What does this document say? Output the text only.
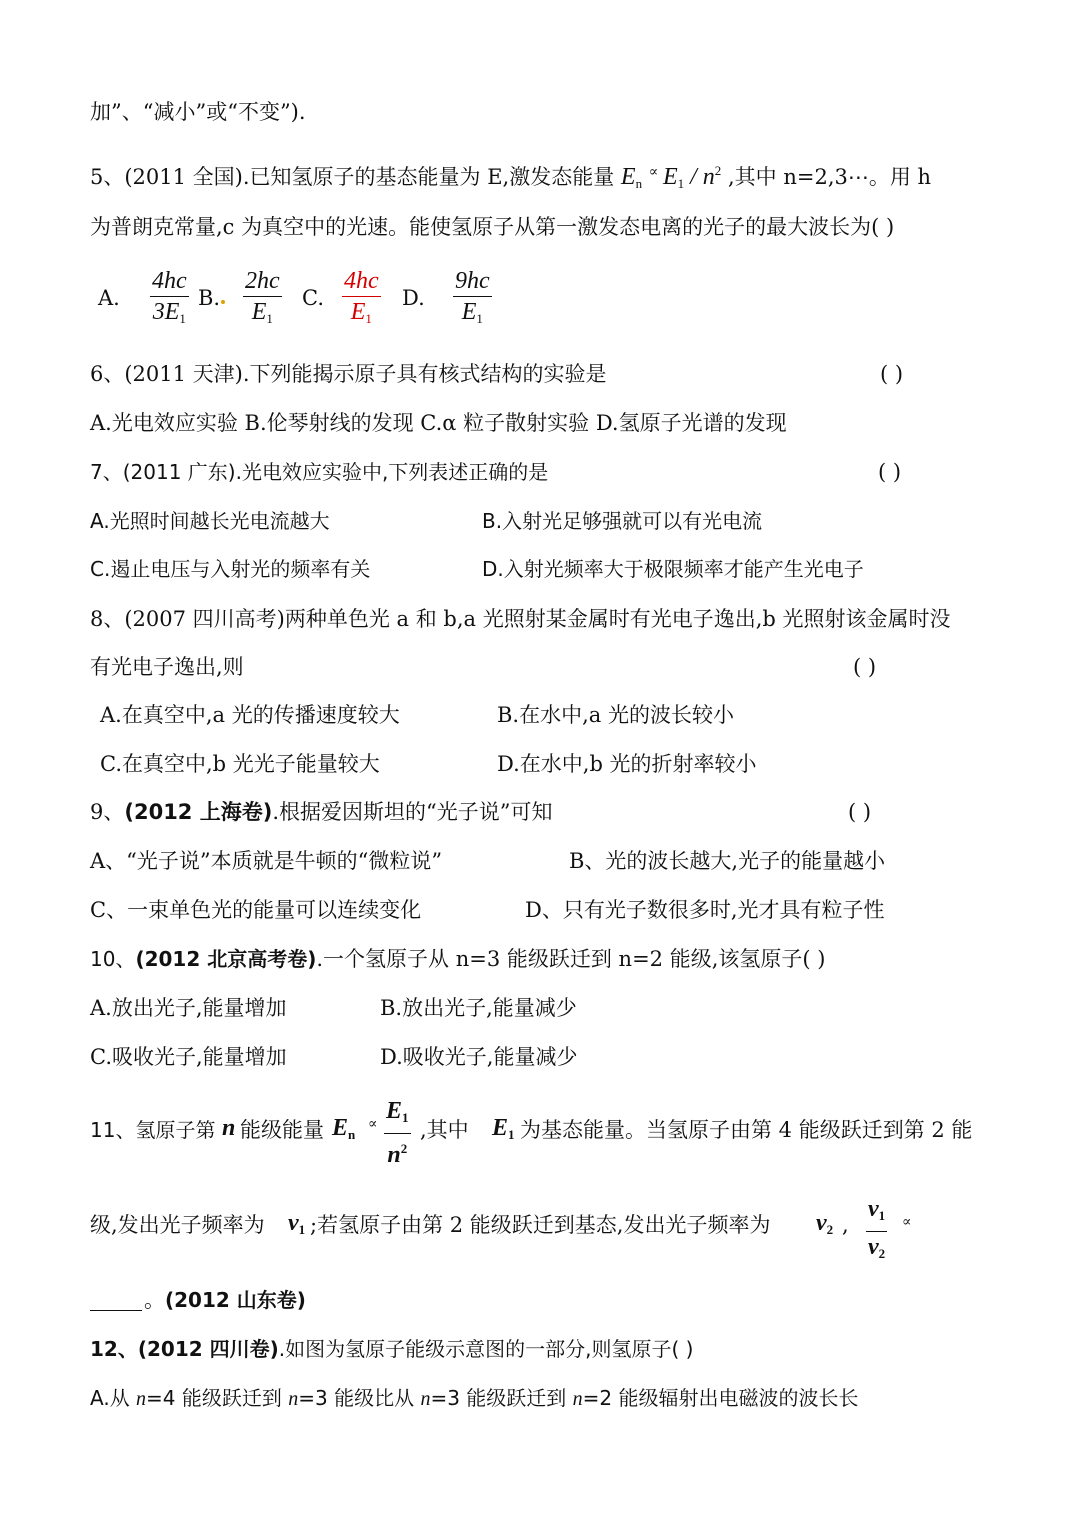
加”、“减小”或“不变”).
5、(2011 全国).已知氢原子的基态能量为 E,激发态能量 $E_n$ ∝ $E_1 / n^2$ ,其中 n=2,3⋯。用 h
为普朗克常量,c 为真空中的光速。能使氢原子从第一激发态电离的光子的最大波长为( )
A.
4hc
$3E_1$
B.
2hc
$E_1$
C.
4hc
$E_1$
D.
9hc
$E_1$
6、(2011 天津).下列能揭示原子具有核式结构的实验是	( )
A.光电效应实验 B.伦琴射线的发现 C.α 粒子散射实验 D.氢原子光谱的发现
7、(2011 广东).光电效应实验中,下列表述正确的是	( )
A.光照时间越长光电流越大	B.入射光足够强就可以有光电流
C.遏止电压与入射光的频率有关	D.入射光频率大于极限频率才能产生光电子
8、(2007 四川高考)两种单色光 a 和 b,a 光照射某金属时有光电子逸出,b 光照射该金属时没
有光电子逸出,则	( )
A.在真空中,a 光的传播速度较大	B.在水中,a 光的波长较小
C.在真空中,b 光光子能量较大	D.在水中,b 光的折射率较小
9、(2012 上海卷).根据爱因斯坦的“光子说”可知	( )
A、“光子说”本质就是牛顿的“微粒说”	B、光的波长越大,光子的能量越小
C、一束单色光的能量可以连续变化	D、只有光子数很多时,光才具有粒子性
10、(2012 北京高考卷).一个氢原子从 n=3 能级跃迁到 n=2 能级,该氢原子( )
A.放出光子,能量增加	B.放出光子,能量减少
C.吸收光子,能量增加	D.吸收光子,能量减少
11、氢原子第 n 能级能量 $E_n$
∝ $E_1$
$n^2$
,其中 $E_1$ 为基态能量。当氢原子由第 4 能级跃迁到第 2 能
级,发出光子频率为 $\nu_1$ ;若氢原子由第 2 能级跃迁到基态,发出光子频率为 $\nu_2$ ,
$\nu_1$
$\nu_2$
∝
。(2012 山东卷)
12、(2012 四川卷).如图为氢原子能级示意图的一部分,则氢原子( )
A.从 n=4 能级跃迁到 n=3 能级比从 n=3 能级跃迁到 n=2 能级辐射出电磁波的波长长
